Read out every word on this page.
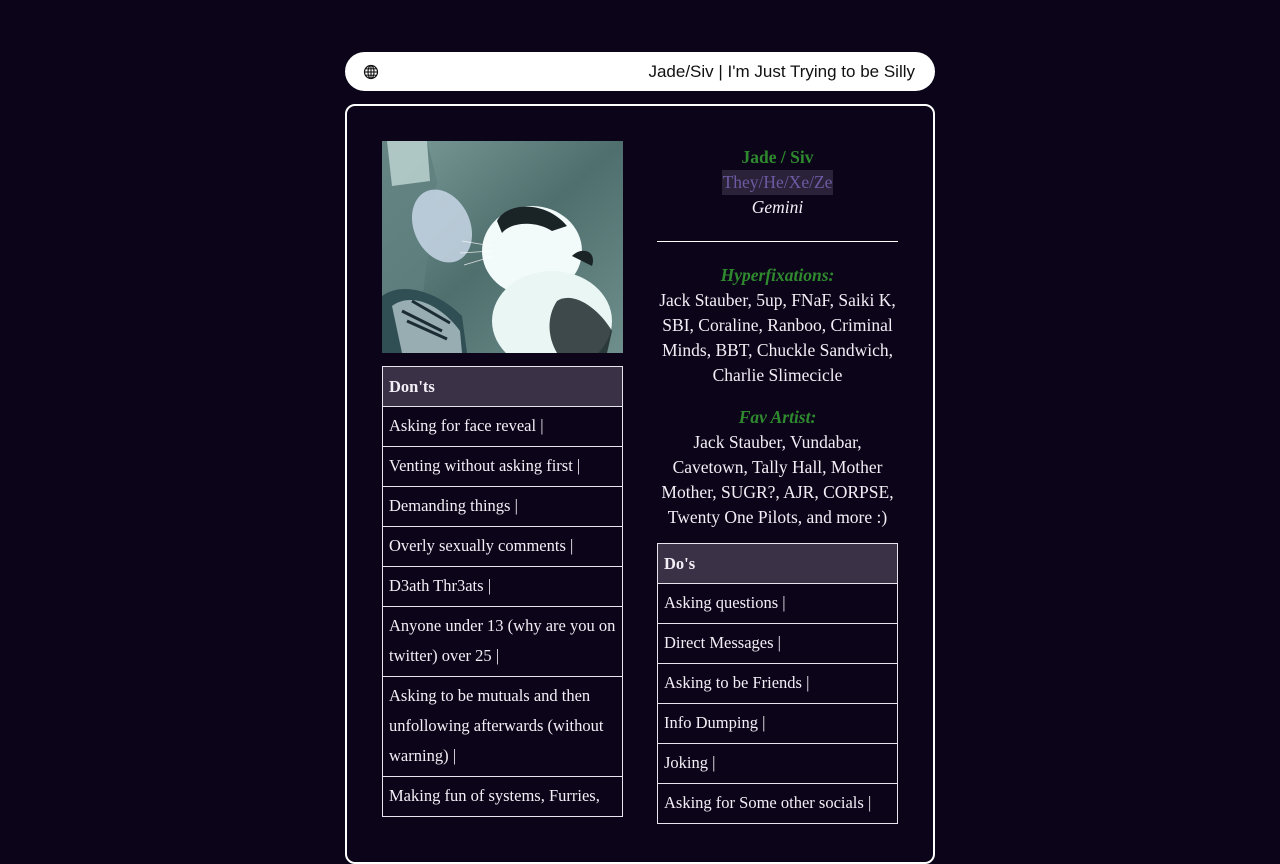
Jade/Siv | I'm Just Trying to be Silly
Don'ts
Asking for face reveal |
Venting without asking first |
Demanding things |
Overly sexually comments |
D3ath Thr3ats |
Anyone under 13 (why are you on twitter) over 25 |
Asking to be mutuals and then unfollowing afterwards (without warning) |
Making fun of systems, Furries,
Jade / Siv
They/He/Xe/Ze
Gemini
Hyperfixations:
Jack Stauber, 5up, FNaF, Saiki K, SBI, Coraline, Ranboo, Criminal Minds, BBT, Chuckle Sandwich, Charlie Slimecicle
Fav Artist:
Jack Stauber, Vundabar, Cavetown, Tally Hall, Mother Mother, SUGR?, AJR, CORPSE, Twenty One Pilots, and more :)
Do's
Asking questions |
Direct Messages |
Asking to be Friends |
Info Dumping |
Joking |
Asking for Some other socials |
